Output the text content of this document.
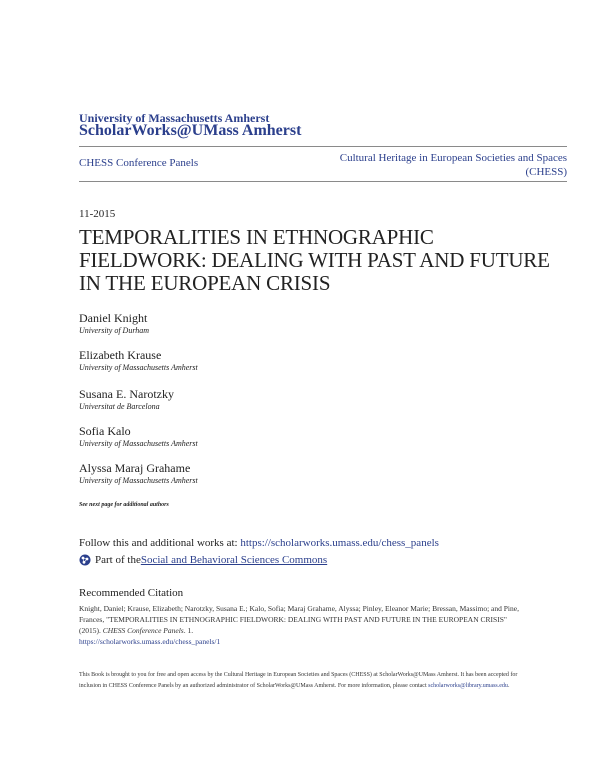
University of Massachusetts Amherst
ScholarWorks@UMass Amherst
CHESS Conference Panels	Cultural Heritage in European Societies and Spaces (CHESS)
11-2015
TEMPORALITIES IN ETHNOGRAPHIC FIELDWORK: DEALING WITH PAST AND FUTURE IN THE EUROPEAN CRISIS
Daniel Knight
University of Durham
Elizabeth Krause
University of Massachusetts Amherst
Susana E. Narotzky
Universitat de Barcelona
Sofia Kalo
University of Massachusetts Amherst
Alyssa Maraj Grahame
University of Massachusetts Amherst
See next page for additional authors
Follow this and additional works at: https://scholarworks.umass.edu/chess_panels
Part of the Social and Behavioral Sciences Commons
Recommended Citation
Knight, Daniel; Krause, Elizabeth; Narotzky, Susana E.; Kalo, Sofia; Maraj Grahame, Alyssa; Pinley, Eleanor Marie; Bressan, Massimo; and Pine, Frances, "TEMPORALITIES IN ETHNOGRAPHIC FIELDWORK: DEALING WITH PAST AND FUTURE IN THE EUROPEAN CRISIS" (2015). CHESS Conference Panels. 1.
https://scholarworks.umass.edu/chess_panels/1
This Book is brought to you for free and open access by the Cultural Heritage in European Societies and Spaces (CHESS) at ScholarWorks@UMass Amherst. It has been accepted for inclusion in CHESS Conference Panels by an authorized administrator of ScholarWorks@UMass Amherst. For more information, please contact scholarworks@library.umass.edu.
